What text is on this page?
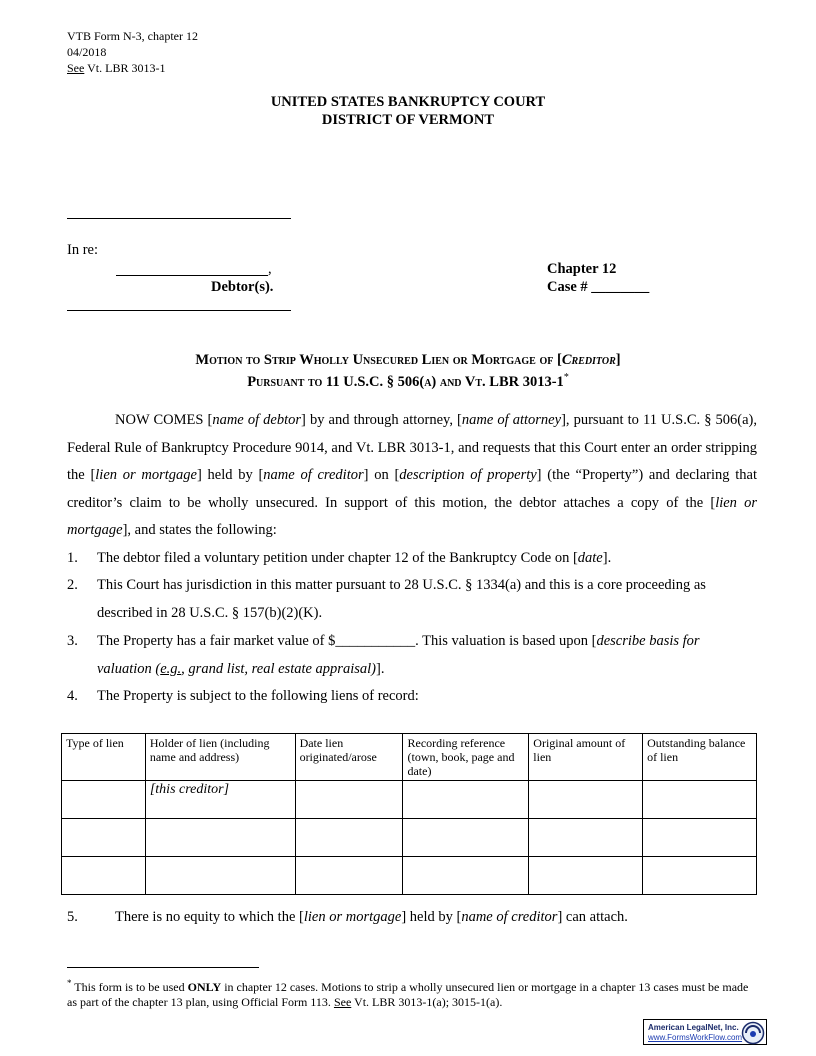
VTB Form N-3, chapter 12
04/2018
See Vt. LBR 3013-1
UNITED STATES BANKRUPTCY COURT
DISTRICT OF VERMONT
In re:
,
Debtor(s).
Chapter 12
Case # ________
Motion to Strip Wholly Unsecured Lien or Mortgage of [Creditor]
Pursuant to 11 U.S.C. § 506(a) and Vt. LBR 3013-1*

NOW COMES [name of debtor] by and through attorney, [name of attorney], pursuant to 11 U.S.C. § 506(a), Federal Rule of Bankruptcy Procedure 9014, and Vt. LBR 3013-1, and requests that this Court enter an order stripping the [lien or mortgage] held by [name of creditor] on [description of property] (the “Property”) and declaring that creditor’s claim to be wholly unsecured. In support of this motion, the debtor attaches a copy of the [lien or mortgage], and states the following:

1. The debtor filed a voluntary petition under chapter 12 of the Bankruptcy Code on [date].
2. This Court has jurisdiction in this matter pursuant to 28 U.S.C. § 1334(a) and this is a core proceeding as described in 28 U.S.C. § 157(b)(2)(K).
3. The Property has a fair market value of $___________. This valuation is based upon [describe basis for valuation (e.g., grand list, real estate appraisal)].
4. The Property is subject to the following liens of record:
Type of lien	Holder of lien (including name and address)	Date lien originated/arose	Recording reference (town, book, page and date)	Original amount of lien	Outstanding balance of lien
	[this creditor]				

5.	There is no equity to which the [lien or mortgage] held by [name of creditor] can attach.
* This form is to be used ONLY in chapter 12 cases. Motions to strip a wholly unsecured lien or mortgage in a chapter 13 cases must be made as part of the chapter 13 plan, using Official Form 113. See Vt. LBR 3013-1(a); 3015-1(a).
American LegalNet, Inc.
www.FormsWorkFlow.com
